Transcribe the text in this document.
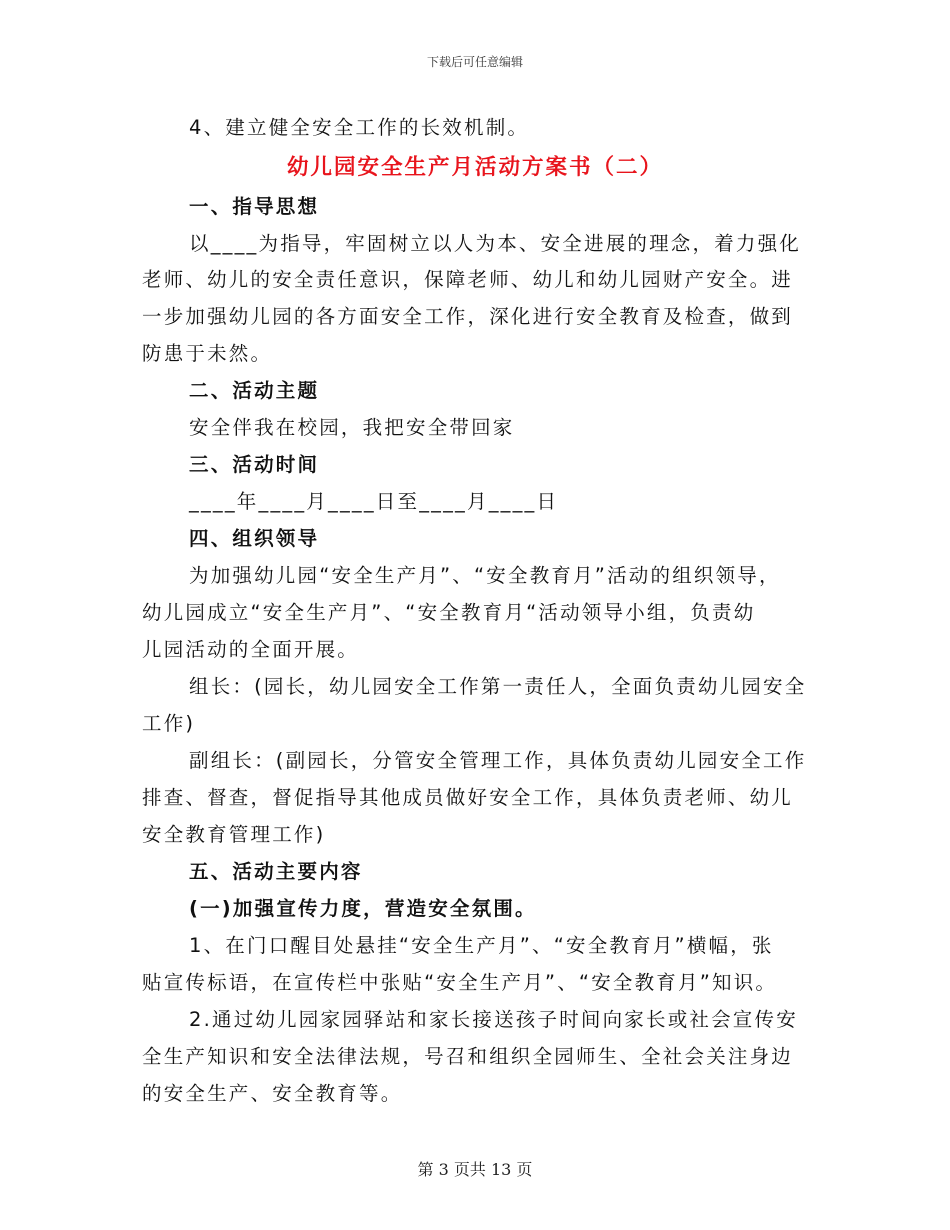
下载后可任意编辑
4、建立健全安全工作的长效机制。
幼儿园安全生产月活动方案书（二）
一、指导思想
以____为指导，牢固树立以人为本、安全进展的理念，着力强化
老师、幼儿的安全责任意识，保障老师、幼儿和幼儿园财产安全。进
一步加强幼儿园的各方面安全工作，深化进行安全教育及检查，做到
防患于未然。
二、活动主题
安全伴我在校园，我把安全带回家
三、活动时间
____年____月____日至____月____日
四、组织领导
为加强幼儿园“安全生产月”、“安全教育月”活动的组织领导，
幼儿园成立“安全生产月”、“安全教育月“活动领导小组，负责幼
儿园活动的全面开展。
组长：(园长，幼儿园安全工作第一责任人，全面负责幼儿园安全
工作)
副组长：(副园长，分管安全管理工作，具体负责幼儿园安全工作
排查、督查，督促指导其他成员做好安全工作，具体负责老师、幼儿
安全教育管理工作)
五、活动主要内容
(一)加强宣传力度，营造安全氛围。
1、在门口醒目处悬挂“安全生产月”、“安全教育月”横幅，张
贴宣传标语，在宣传栏中张贴“安全生产月”、“安全教育月”知识。
2.通过幼儿园家园驿站和家长接送孩子时间向家长或社会宣传安
全生产知识和安全法律法规，号召和组织全园师生、全社会关注身边
的安全生产、安全教育等。
第 3 页共 13 页
